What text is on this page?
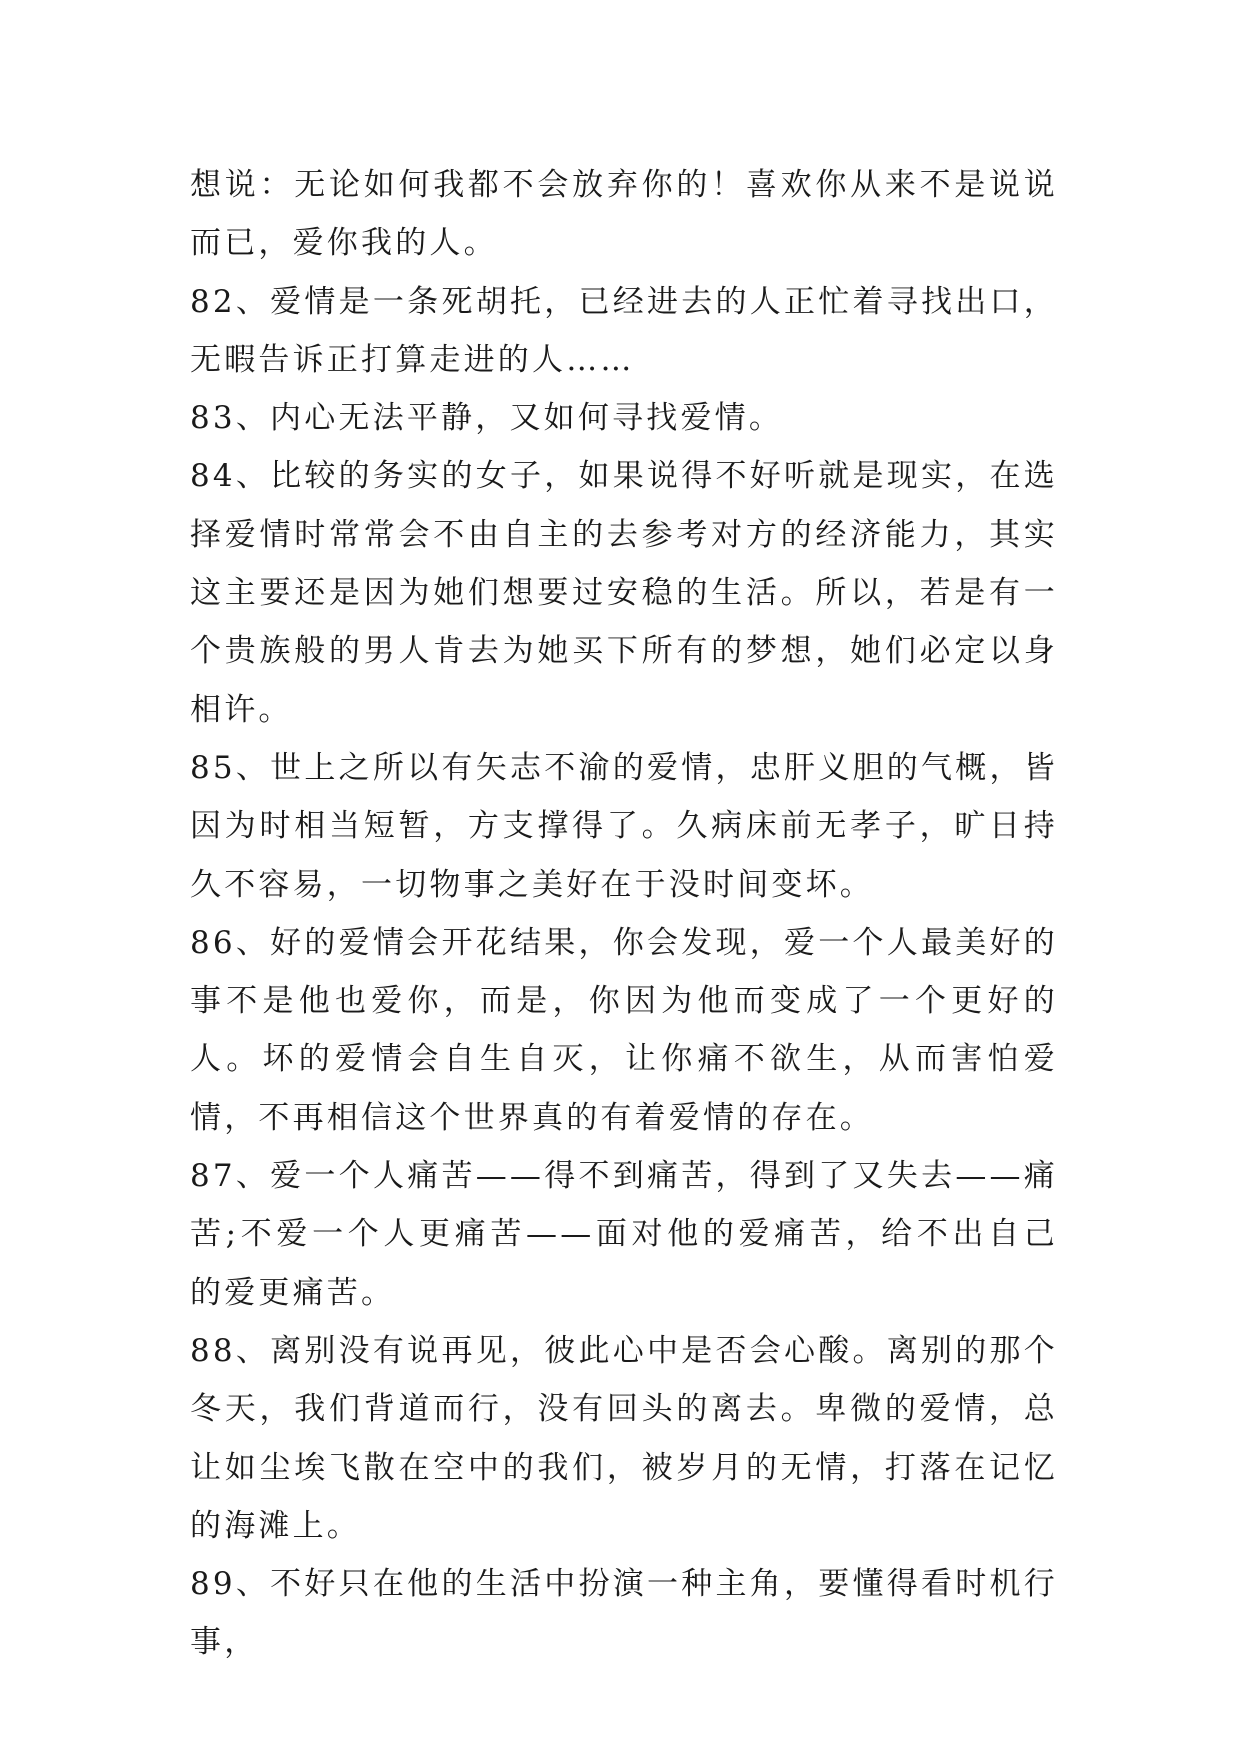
想说：无论如何我都不会放弃你的！喜欢你从来不是说说而已，爱你我的人。

82、爱情是一条死胡托，已经进去的人正忙着寻找出口，无暇告诉正打算走进的人……

83、内心无法平静，又如何寻找爱情。

84、比较的务实的女子，如果说得不好听就是现实，在选择爱情时常常会不由自主的去参考对方的经济能力，其实这主要还是因为她们想要过安稳的生活。所以，若是有一个贵族般的男人肯去为她买下所有的梦想，她们必定以身相许。

85、世上之所以有矢志不渝的爱情，忠肝义胆的气概，皆因为时相当短暂，方支撑得了。久病床前无孝子，旷日持久不容易，一切物事之美好在于没时间变坏。

86、好的爱情会开花结果，你会发现，爱一个人最美好的事不是他也爱你，而是，你因为他而变成了一个更好的人。坏的爱情会自生自灭，让你痛不欲生，从而害怕爱情，不再相信这个世界真的有着爱情的存在。

87、爱一个人痛苦——得不到痛苦，得到了又失去——痛苦;不爱一个人更痛苦——面对他的爱痛苦，给不出自己的爱更痛苦。

88、离别没有说再见，彼此心中是否会心酸。离别的那个冬天，我们背道而行，没有回头的离去。卑微的爱情，总让如尘埃飞散在空中的我们，被岁月的无情，打落在记忆的海滩上。

89、不好只在他的生活中扮演一种主角，要懂得看时机行事，
